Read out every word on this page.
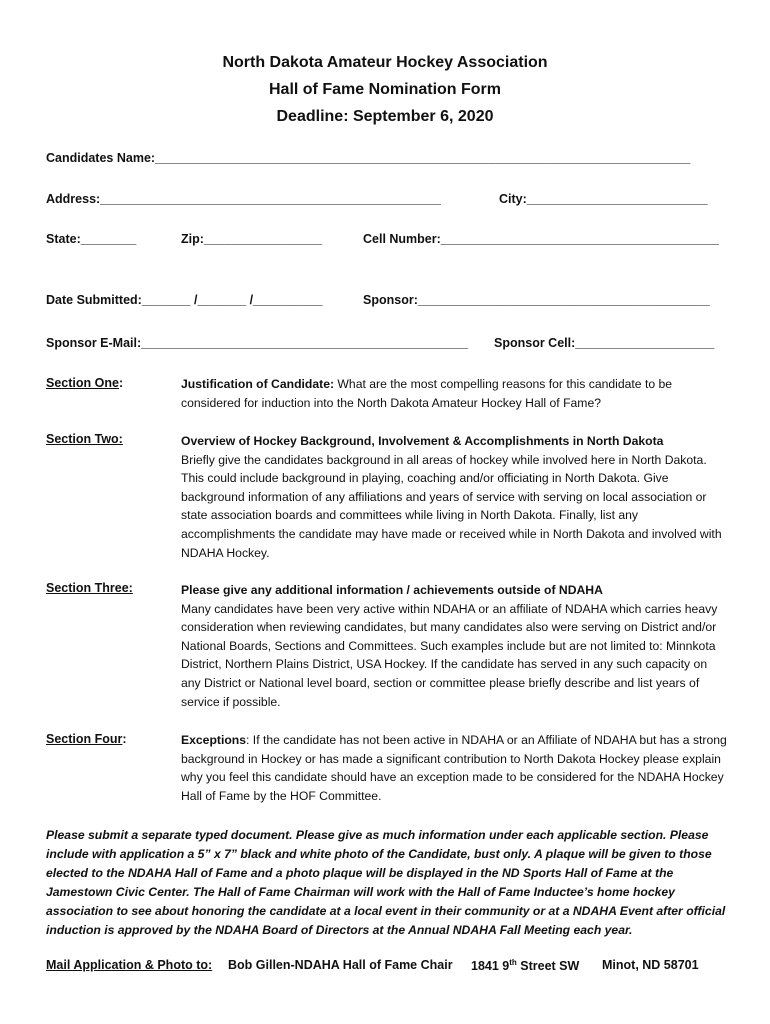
North Dakota Amateur Hockey Association
Hall of Fame Nomination Form
Deadline: September 6, 2020
Candidates Name:_____________________________________________________________________________
Address:_________________________________________________	City:__________________________
State:________	Zip:_________________	Cell Number:________________________________________
Date Submitted:_______ /_______ /__________	Sponsor:__________________________________________
Sponsor E-Mail:_______________________________________________ Sponsor Cell:____________________
Section One:	Justification of Candidate: What are the most compelling reasons for this candidate to be considered for induction into the North Dakota Amateur Hockey Hall of Fame?
Section Two:	Overview of Hockey Background, Involvement & Accomplishments in North Dakota
Briefly give the candidates background in all areas of hockey while involved here in North Dakota. This could include background in playing, coaching and/or officiating in North Dakota. Give background information of any affiliations and years of service with serving on local association or state association boards and committees while living in North Dakota. Finally, list any accomplishments the candidate may have made or received while in North Dakota and involved with NDAHA Hockey.
Section Three:	Please give any additional information / achievements outside of NDAHA
Many candidates have been very active within NDAHA or an affiliate of NDAHA which carries heavy consideration when reviewing candidates, but many candidates also were serving on District and/or National Boards, Sections and Committees. Such examples include but are not limited to: Minnkota District, Northern Plains District, USA Hockey. If the candidate has served in any such capacity on any District or National level board, section or committee please briefly describe and list years of service if possible.
Section Four:	Exceptions: If the candidate has not been active in NDAHA or an Affiliate of NDAHA but has a strong background in Hockey or has made a significant contribution to North Dakota Hockey please explain why you feel this candidate should have an exception made to be considered for the NDAHA Hockey Hall of Fame by the HOF Committee.
Please submit a separate typed document. Please give as much information under each applicable section. Please include with application a 5” x 7” black and white photo of the Candidate, bust only. A plaque will be given to those elected to the NDAHA Hall of Fame and a photo plaque will be displayed in the ND Sports Hall of Fame at the Jamestown Civic Center. The Hall of Fame Chairman will work with the Hall of Fame Inductee’s home hockey association to see about honoring the candidate at a local event in their community or at a NDAHA Event after official induction is approved by the NDAHA Board of Directors at the Annual NDAHA Fall Meeting each year.
Mail Application & Photo to: Bob Gillen-NDAHA Hall of Fame Chair 1841 9th Street SW Minot, ND 58701
